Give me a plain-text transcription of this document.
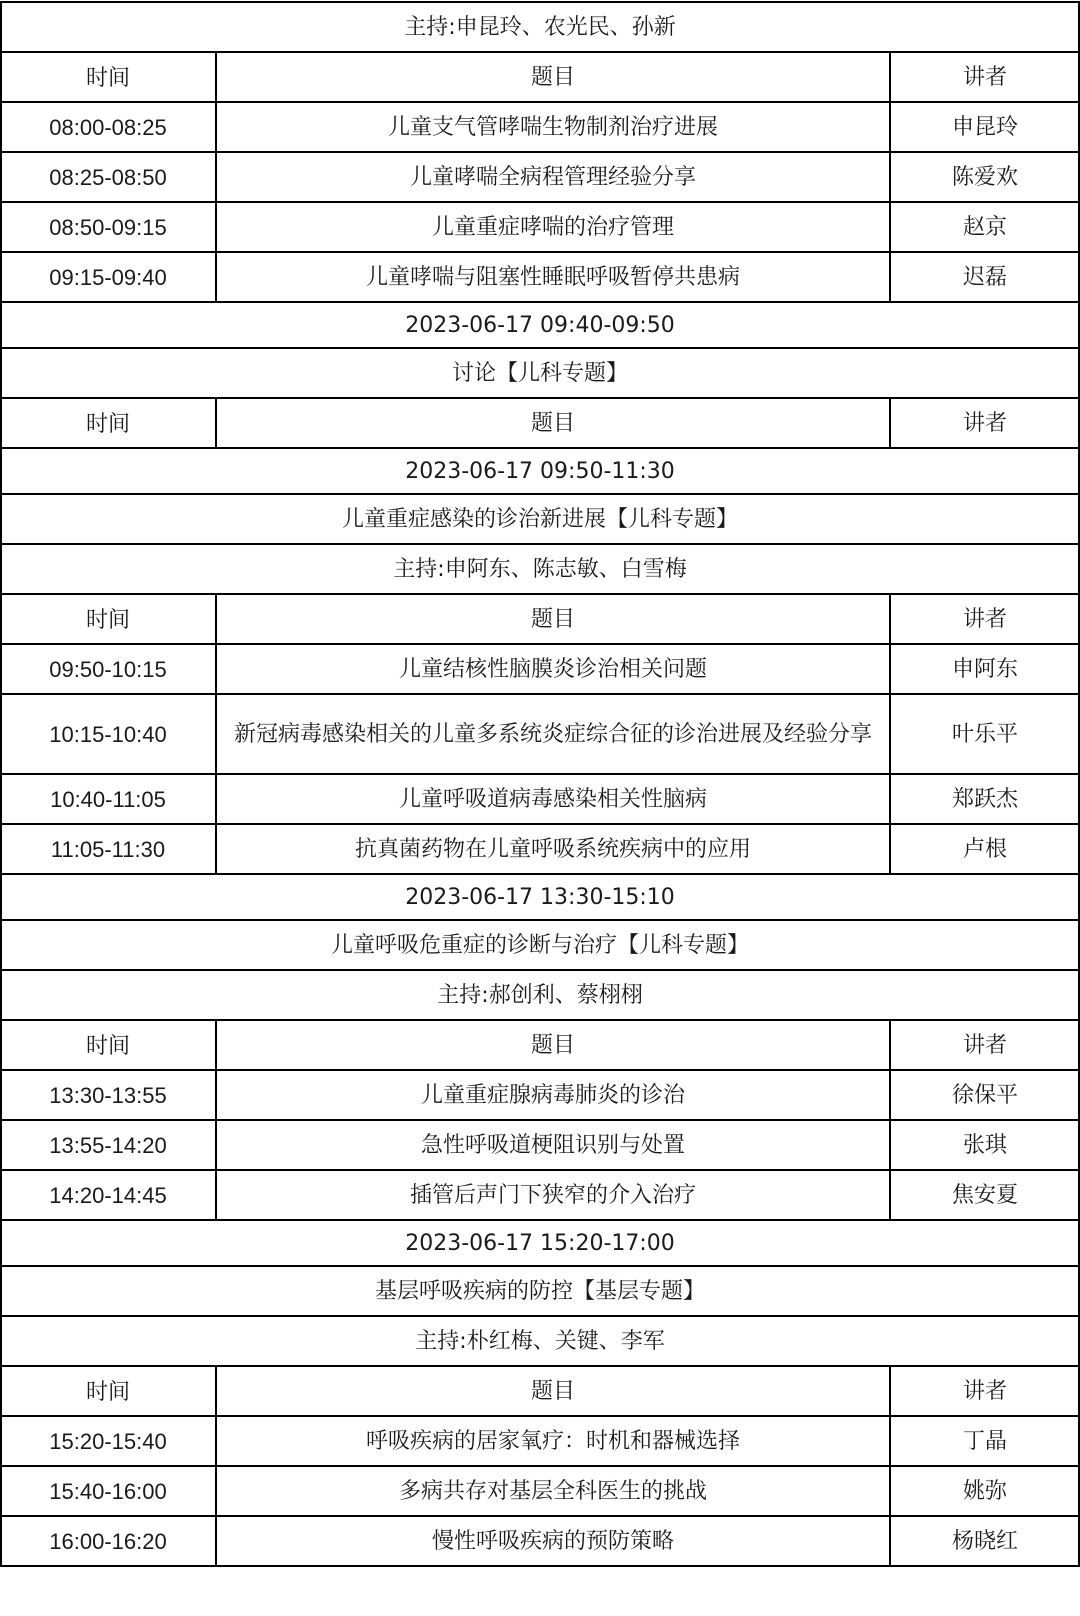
主持:申昆玲、农光民、孙新
时间	题目	讲者
08:00-08:25	儿童支气管哮喘生物制剂治疗进展	申昆玲
08:25-08:50	儿童哮喘全病程管理经验分享	陈爱欢
08:50-09:15	儿童重症哮喘的治疗管理	赵京
09:15-09:40	儿童哮喘与阻塞性睡眠呼吸暂停共患病	迟磊
2023-06-17 09:40-09:50
讨论【儿科专题】
时间	题目	讲者
2023-06-17 09:50-11:30
儿童重症感染的诊治新进展【儿科专题】
主持:申阿东、陈志敏、白雪梅
时间	题目	讲者
09:50-10:15	儿童结核性脑膜炎诊治相关问题	申阿东
10:15-10:40	新冠病毒感染相关的儿童多系统炎症综合征的诊治进展及经验分享	叶乐平
10:40-11:05	儿童呼吸道病毒感染相关性脑病	郑跃杰
11:05-11:30	抗真菌药物在儿童呼吸系统疾病中的应用	卢根
2023-06-17 13:30-15:10
儿童呼吸危重症的诊断与治疗【儿科专题】
主持:郝创利、蔡栩栩
时间	题目	讲者
13:30-13:55	儿童重症腺病毒肺炎的诊治	徐保平
13:55-14:20	急性呼吸道梗阻识别与处置	张琪
14:20-14:45	插管后声门下狭窄的介入治疗	焦安夏
2023-06-17 15:20-17:00
基层呼吸疾病的防控【基层专题】
主持:朴红梅、关键、李军
时间	题目	讲者
15:20-15:40	呼吸疾病的居家氧疗：时机和器械选择	丁晶
15:40-16:00	多病共存对基层全科医生的挑战	姚弥
16:00-16:20	慢性呼吸疾病的预防策略	杨晓红
